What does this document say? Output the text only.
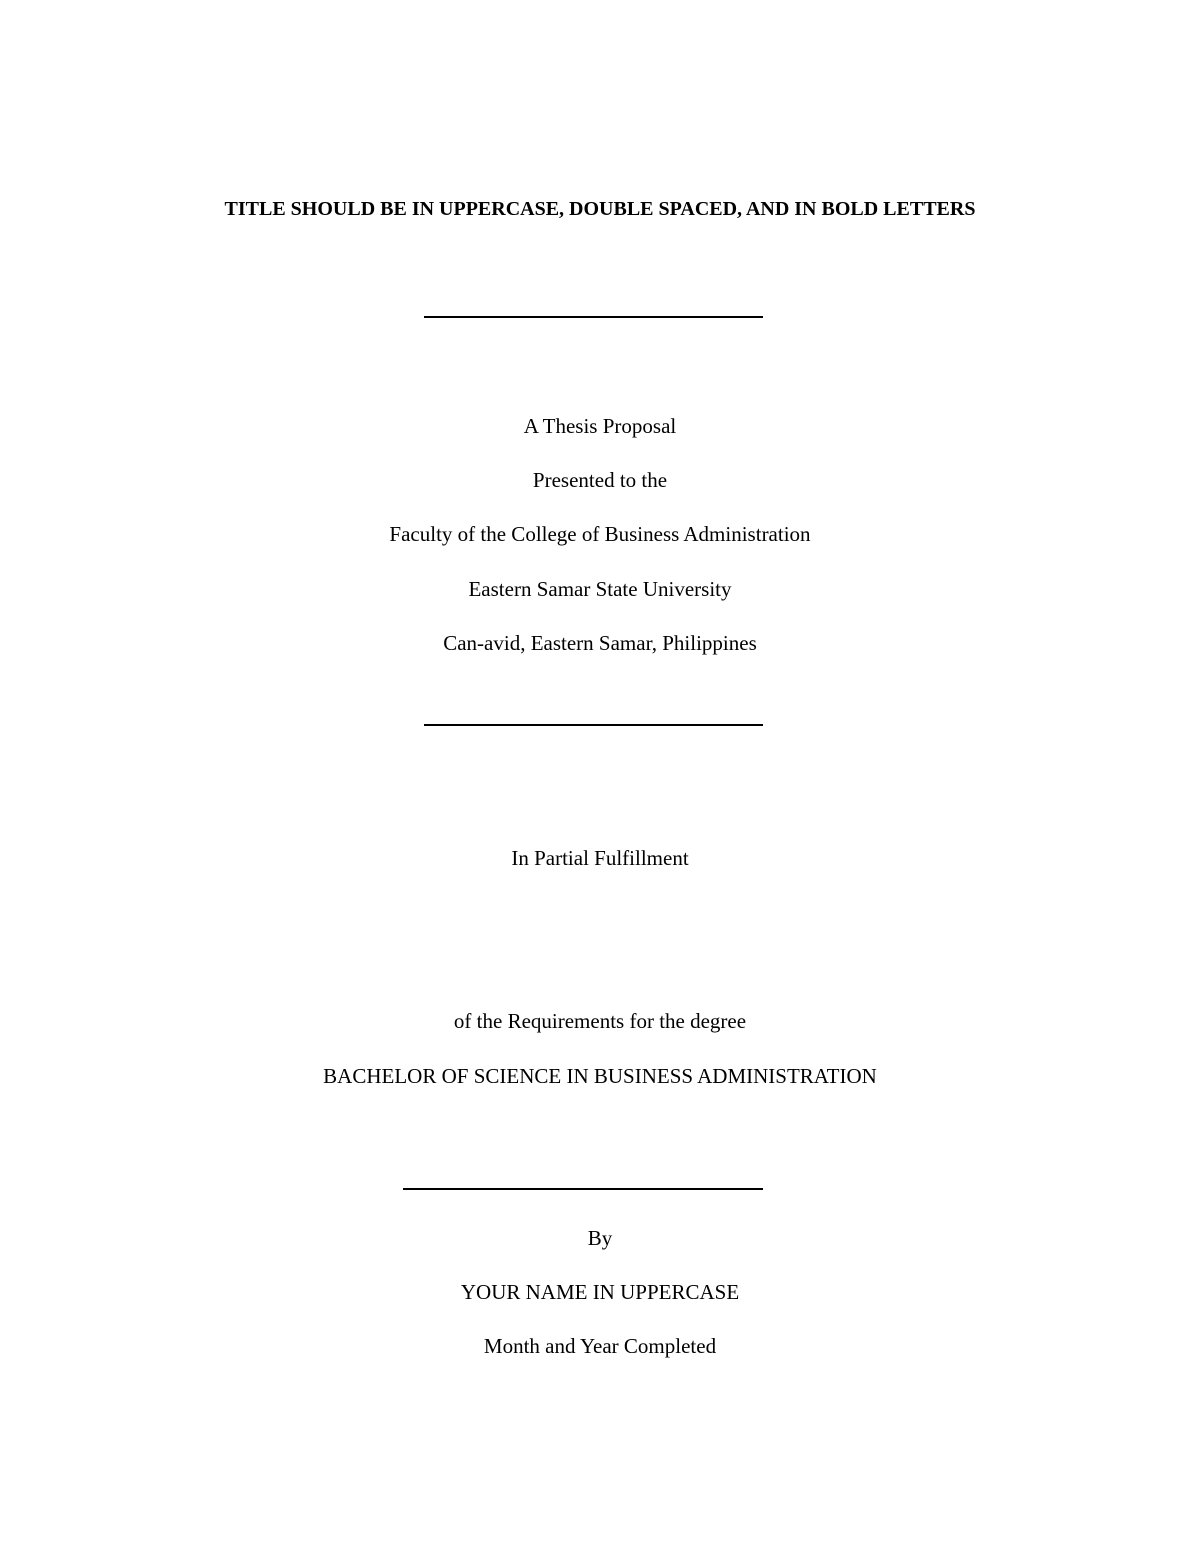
TITLE SHOULD BE IN UPPERCASE, DOUBLE SPACED, AND IN BOLD LETTERS
A Thesis Proposal
Presented to the
Faculty of the College of Business Administration
Eastern Samar State University
Can-avid, Eastern Samar, Philippines
In Partial Fulfillment
of the Requirements for the degree
BACHELOR OF SCIENCE IN BUSINESS ADMINISTRATION
By
YOUR NAME IN UPPERCASE
Month and Year Completed
